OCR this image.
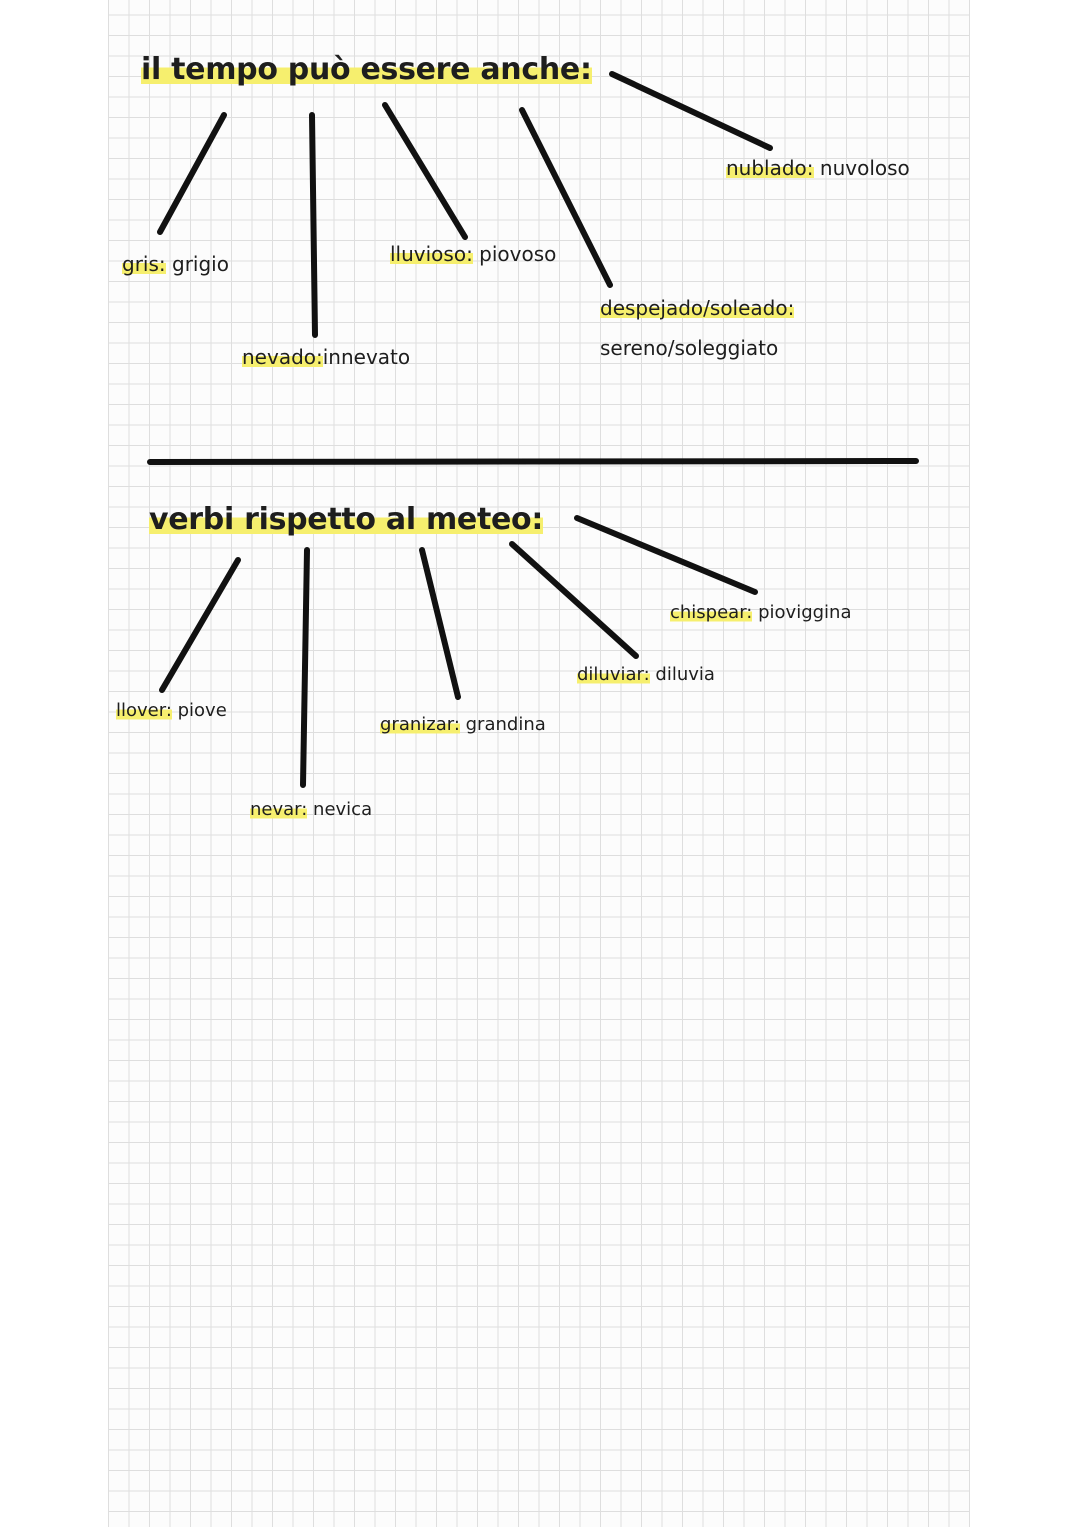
il tempo può essere anche:
gris: grigio
nevado:innevato
lluvioso: piovoso
despejado/soleado:
sereno/soleggiato
nublado: nuvoloso
verbi rispetto al meteo:
llover: piove
nevar: nevica
granizar: grandina
diluviar: diluvia
chispear: pioviggina
